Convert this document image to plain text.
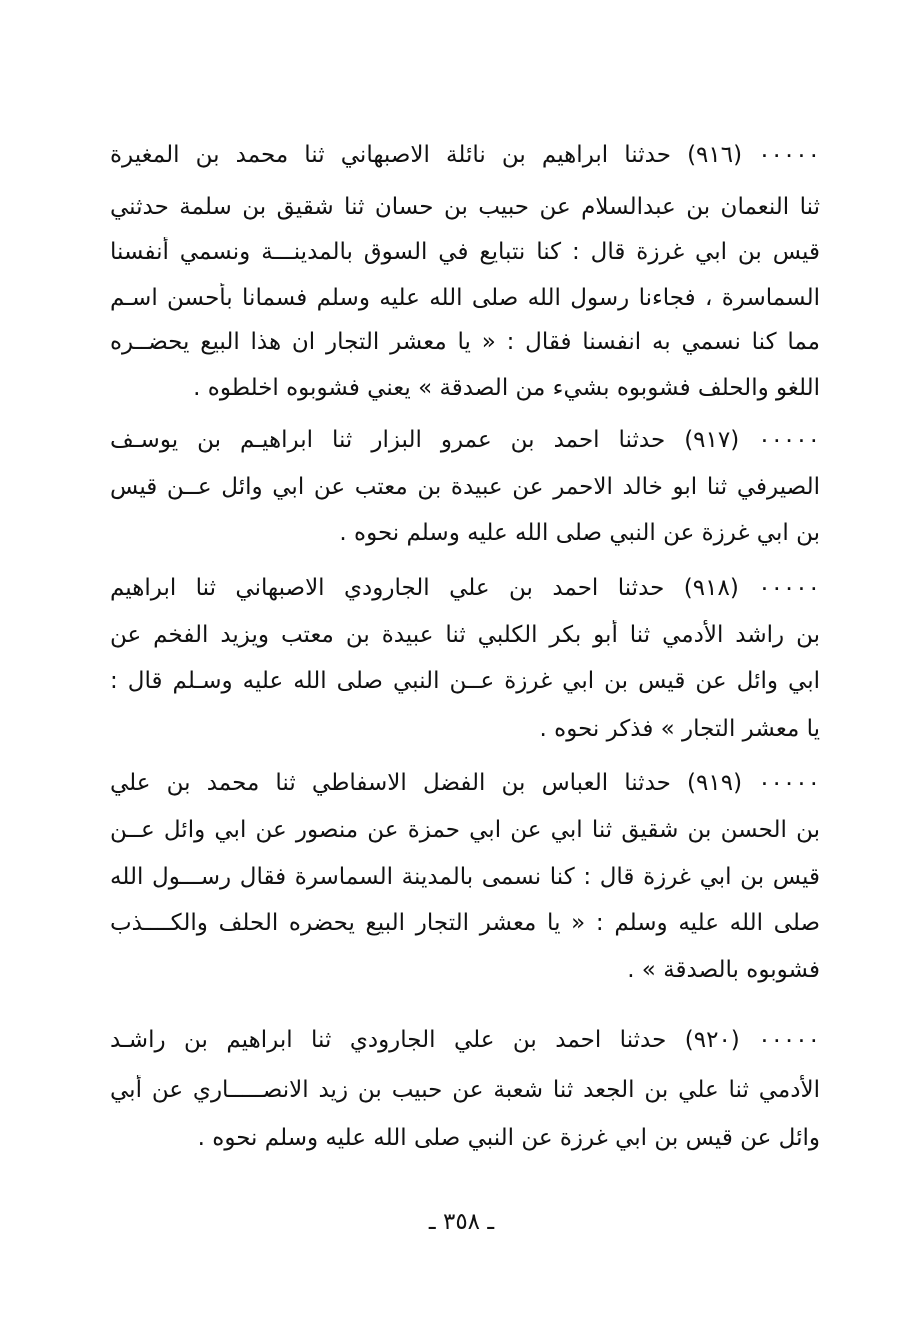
٠٠٠٠٠ (٩١٦) حدثنا ابراهيم بن نائلة الاصبهاني ثنا محمد بن المغيرة
ثنا النعمان بن عبدالسلام عن حبيب بن حسان ثنا شقيق بن سلمة حدثني
قيس بن ابي غرزة قال : كنا نتبايع في السوق بالمدينـــة ونسمي أنفسنا
السماسرة ، فجاءنا رسول الله صلى الله عليه وسلم فسمانا بأحسن اسـم
مما كنا نسمي به انفسنا فقال : « يا معشر التجار ان هذا البيع يحضــره
اللغو والحلف فشوبوه بشيء من الصدقة » يعني فشوبوه اخلطوه .
٠٠٠٠٠ (٩١٧) حدثنا احمد بن عمرو البزار ثنا ابراهيـم بن يوسـف
الصيرفي ثنا ابو خالد الاحمر عن عبيدة بن معتب عن ابي وائل عــن قيس
بن ابي غرزة عن النبي صلى الله عليه وسلم نحوه .
٠٠٠٠٠ (٩١٨) حدثنا احمد بن علي الجارودي الاصبهاني ثنا ابراهيم
بن راشد الأدمي ثنا أبو بكر الكلبي ثنا عبيدة بن معتب ويزيد الفخم عن
ابي وائل عن قيس بن ابي غرزة عــن النبي صلى الله عليه وسـلم قال :
يا معشر التجار » فذكر نحوه .
٠٠٠٠٠ (٩١٩) حدثنا العباس بن الفضل الاسفاطي ثنا محمد بن علي
بن الحسن بن شقيق ثنا ابي عن ابي حمزة عن منصور عن ابي وائل عــن
قيس بن ابي غرزة قال : كنا نسمى بالمدينة السماسرة فقال رســـول الله
صلى الله عليه وسلم : « يا معشر التجار البيع يحضره الحلف والكــــذب
فشوبوه بالصدقة » .
٠٠٠٠٠ (٩٢٠) حدثنا احمد بن علي الجارودي ثنا ابراهيم بن راشـد
الأدمي ثنا علي بن الجعد ثنا شعبة عن حبيب بن زيد الانصـــــاري عن أبي
وائل عن قيس بن ابي غرزة عن النبي صلى الله عليه وسلم نحوه .
ـ ٣٥٨ ـ
